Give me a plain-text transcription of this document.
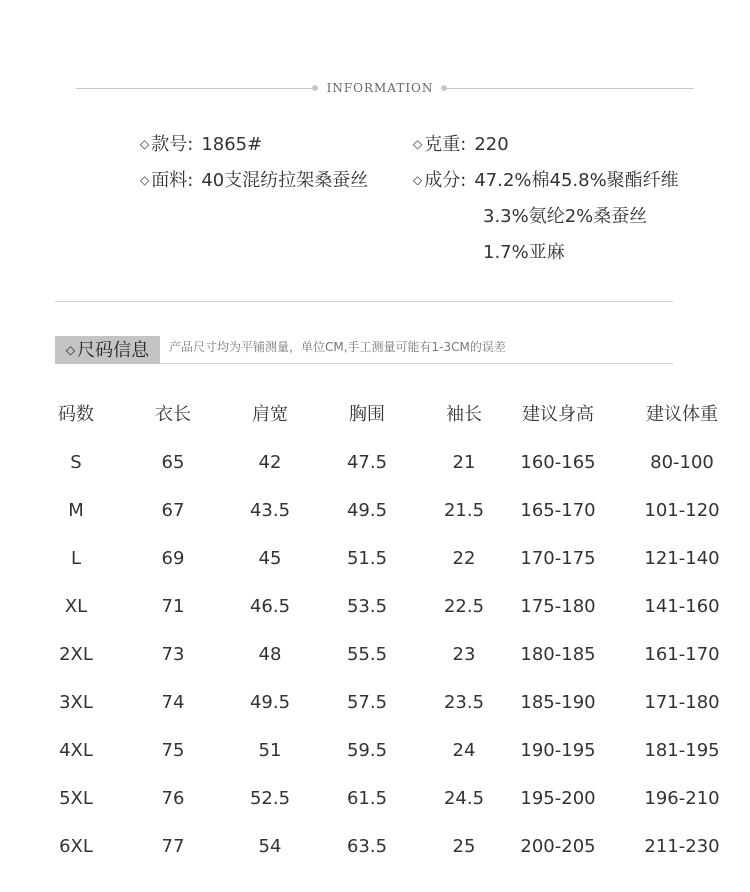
INFORMATION
◇ 款号: 1865#	◇ 克重: 220
◇ 面料: 40支混纺拉架桑蚕丝	◇ 成分: 47.2%棉45.8%聚酯纤维
3.3%氨纶2%桑蚕丝
1.7%亚麻
◇ 尺码信息	产品尺寸均为平铺测量，单位CM,手工测量可能有1-3CM的误差
码数	衣长	肩宽	胸围	袖长 建议身高	建议体重
S	65	42	47.5	21 160-165	80-100
M	67	43.5	49.5	21.5 165-170	101-120
L	69	45	51.5	22 170-175	121-140
XL	71	46.5	53.5	22.5 175-180	141-160
2XL	73	48	55.5	23 180-185	161-170
3XL	74	49.5	57.5	23.5 185-190	171-180
4XL	75	51	59.5	24 190-195	181-195
5XL	76	52.5	61.5	24.5 195-200	196-210
6XL	77	54	63.5	25 200-205	211-230
